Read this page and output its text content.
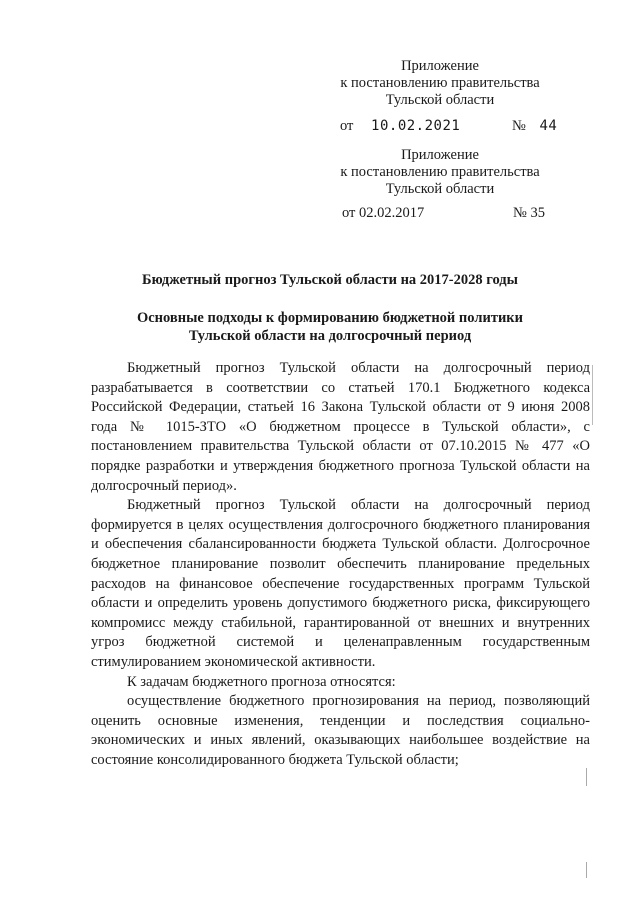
Приложение
к постановлению правительства
Тульской области
от 10.02.2021	№ 44
Приложение
к постановлению правительства
Тульской области
от 02.02.2017	№ 35
Бюджетный прогноз Тульской области на 2017-2028 годы
Основные подходы к формированию бюджетной политики
Тульской области на долгосрочный период

Бюджетный прогноз Тульской области на долгосрочный период разрабатывается в соответствии со статьей 170.1 Бюджетного кодекса Российской Федерации, статьей 16 Закона Тульской области от 9 июня 2008 года № 1015-ЗТО «О бюджетном процессе в Тульской области», с постановлением правительства Тульской области от 07.10.2015 № 477 «О порядке разработки и утверждения бюджетного прогноза Тульской области на долгосрочный период».

Бюджетный прогноз Тульской области на долгосрочный период формируется в целях осуществления долгосрочного бюджетного планирования и обеспечения сбалансированности бюджета Тульской области. Долгосрочное бюджетное планирование позволит обеспечить планирование предельных расходов на финансовое обеспечение государственных программ Тульской области и определить уровень допустимого бюджетного риска, фиксирующего компромисс между стабильной, гарантированной от внешних и внутренних угроз бюджетной системой и целенаправленным государственным стимулированием экономической активности.

К задачам бюджетного прогноза относятся:

осуществление бюджетного прогнозирования на период, позволяющий оценить основные изменения, тенденции и последствия социально-экономических и иных явлений, оказывающих наибольшее воздействие на состояние консолидированного бюджета Тульской области;
